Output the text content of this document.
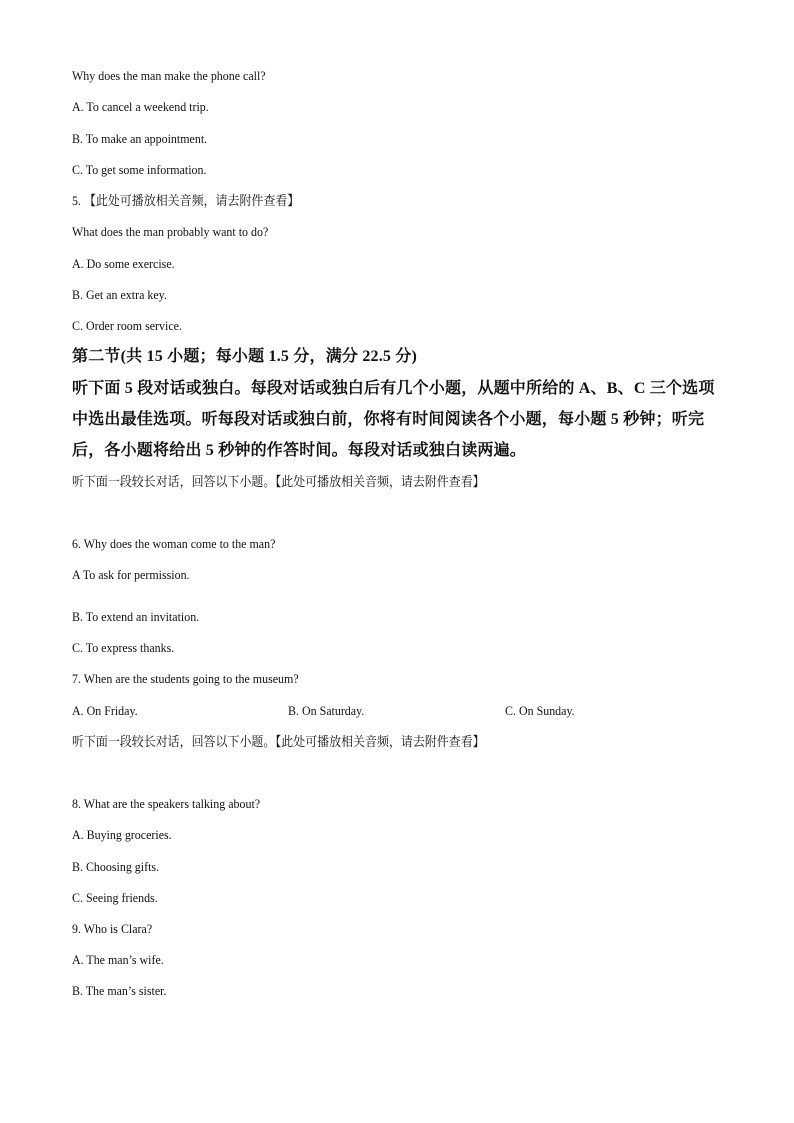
Why does the man make the phone call?
A. To cancel a weekend trip.
B. To make an appointment.
C. To get some information.
5. 【此处可播放相关音频，请去附件查看】
What does the man probably want to do?
A. Do some exercise.
B. Get an extra key.
C. Order room service.
第二节(共 15 小题；每小题 1.5 分，满分 22.5 分)
听下面 5 段对话或独白。每段对话或独白后有几个小题，从题中所给的 A、B、C 三个选项
中选出最佳选项。听每段对话或独白前，你将有时间阅读各个小题，每小题 5 秒钟；听完
后，各小题将给出 5 秒钟的作答时间。每段对话或独白读两遍。
听下面一段较长对话，回答以下小题。【此处可播放相关音频，请去附件查看】
6. Why does the woman come to the man?
A To ask for permission.
B. To extend an invitation.
C. To express thanks.
7. When are the students going to the museum?
A. On Friday.	B. On Saturday.	C. On Sunday.
听下面一段较长对话，回答以下小题。【此处可播放相关音频，请去附件查看】
8. What are the speakers talking about?
A. Buying groceries.
B. Choosing gifts.
C. Seeing friends.
9. Who is Clara?
A. The man’s wife.
B. The man’s sister.
